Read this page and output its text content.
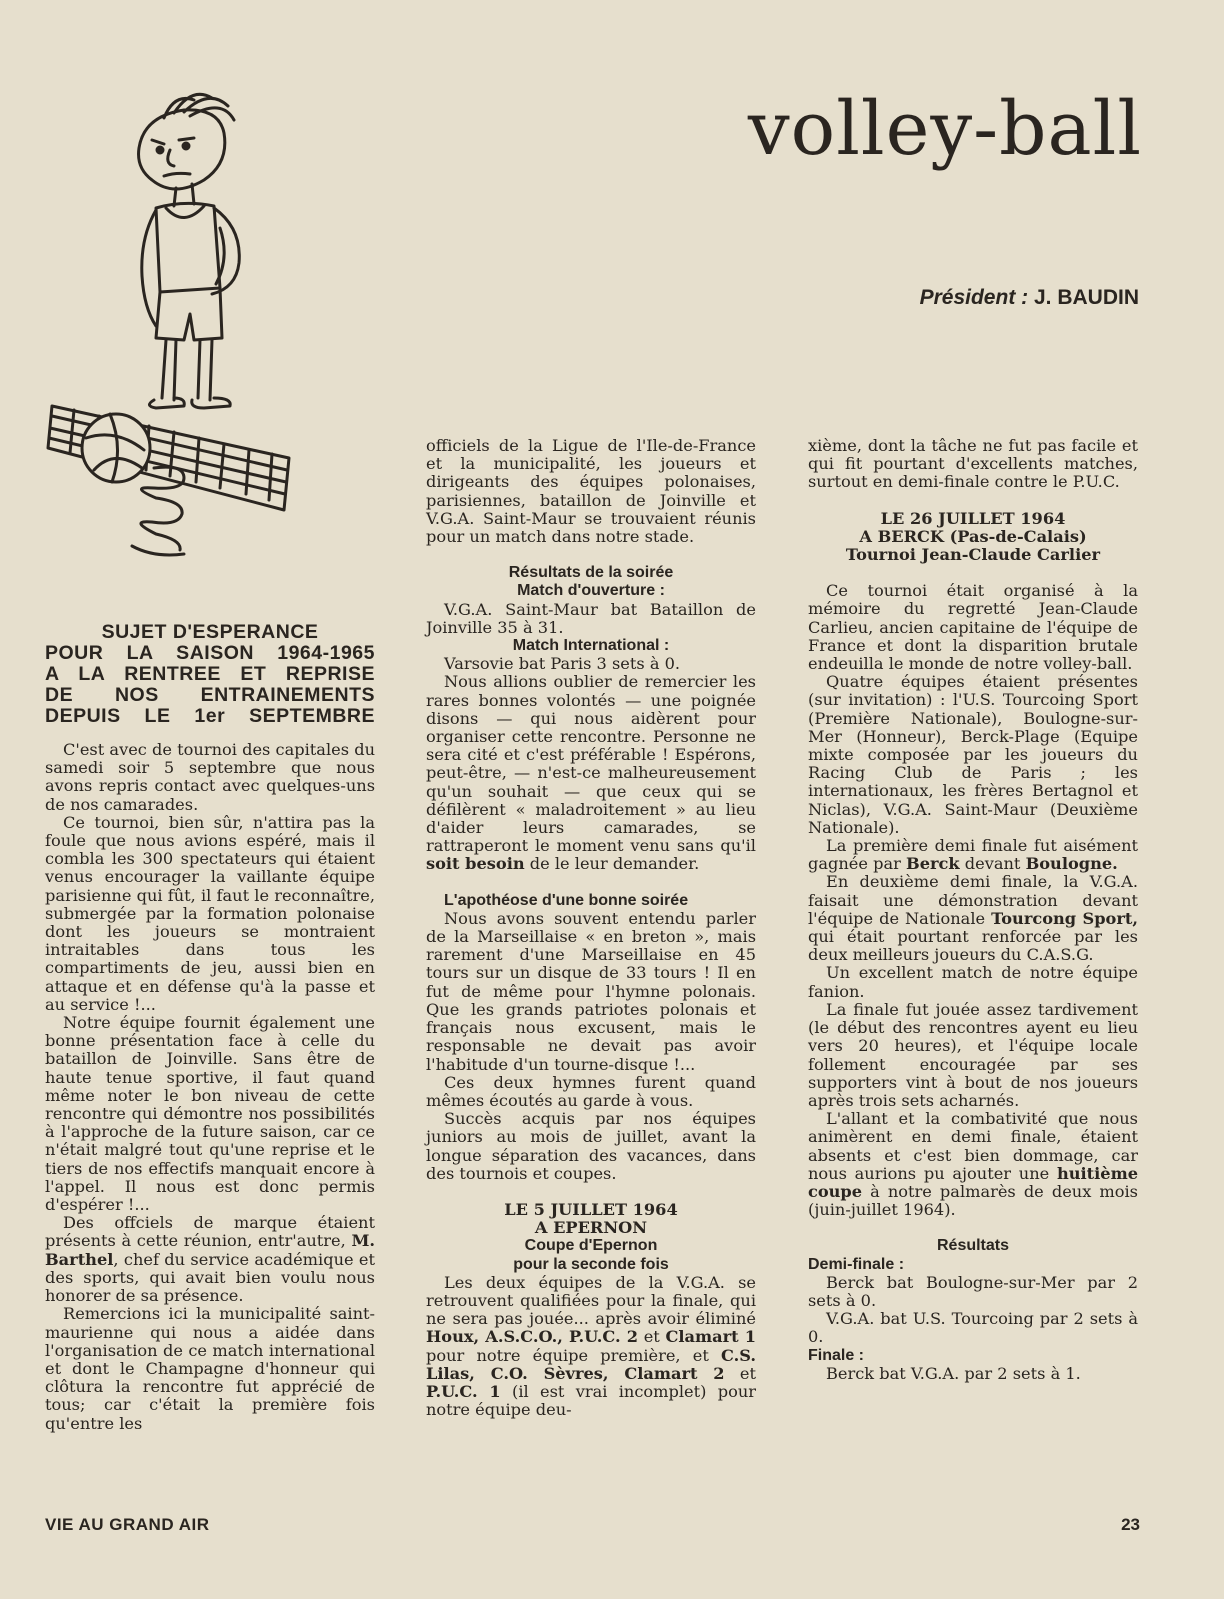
volley-ball
Président : J. BAUDIN
SUJET D'ESPERANCE
POUR LA SAISON 1964-1965
A LA RENTREE ET REPRISE
DE NOS ENTRAINEMENTS
DEPUIS LE 1er SEPTEMBRE

C'est avec de tournoi des capitales du samedi soir 5 septembre que nous avons repris contact avec quelques-uns de nos camarades.

Ce tournoi, bien sûr, n'attira pas la foule que nous avions espéré, mais il combla les 300 spectateurs qui étaient venus encourager la vaillante équipe parisienne qui fût, il faut le reconnaître, submergée par la formation polonaise dont les joueurs se montraient intraitables dans tous les compartiments de jeu, aussi bien en attaque et en défense qu'à la passe et au service !...

Notre équipe fournit également une bonne présentation face à celle du bataillon de Joinville. Sans être de haute tenue sportive, il faut quand même noter le bon niveau de cette rencontre qui démontre nos possibilités à l'approche de la future saison, car ce n'était malgré tout qu'une reprise et le tiers de nos effectifs manquait encore à l'appel. Il nous est donc permis d'espérer !...

Des offciels de marque étaient présents à cette réunion, entr'autre, M. Barthel, chef du service académique et des sports, qui avait bien voulu nous honorer de sa présence.

Remercions ici la municipalité saint-maurienne qui nous a aidée dans l'organisation de ce match international et dont le Champagne d'honneur qui clôtura la rencontre fut apprécié de tous; car c'était la première fois qu'entre les

officiels de la Ligue de l'Ile-de-France et la municipalité, les joueurs et dirigeants des équipes polonaises, parisiennes, bataillon de Joinville et V.G.A. Saint-Maur se trouvaient réunis pour un match dans notre stade.

Résultats de la soirée
Match d'ouverture :

V.G.A. Saint-Maur bat Bataillon de Joinville 35 à 31.

Match International :

Varsovie bat Paris 3 sets à 0.

Nous allions oublier de remercier les rares bonnes volontés — une poignée disons — qui nous aidèrent pour organiser cette rencontre. Personne ne sera cité et c'est préférable ! Espérons, peut-être, — n'est-ce malheureusement qu'un souhait — que ceux qui se défilèrent « maladroitement » au lieu d'aider leurs camarades, se rattraperont le moment venu sans qu'il soit besoin de le leur demander.

L'apothéose d'une bonne soirée

Nous avons souvent entendu parler de la Marseillaise « en breton », mais rarement d'une Marseillaise en 45 tours sur un disque de 33 tours ! Il en fut de même pour l'hymne polonais. Que les grands patriotes polonais et français nous excusent, mais le responsable ne devait pas avoir l'habitude d'un tourne-disque !...

Ces deux hymnes furent quand mêmes écoutés au garde à vous.

Succès acquis par nos équipes juniors au mois de juillet, avant la longue séparation des vacances, dans des tournois et coupes.

LE 5 JUILLET 1964
A EPERNON
Coupe d'Epernon
pour la seconde fois

Les deux équipes de la V.G.A. se retrouvent qualifiées pour la finale, qui ne sera pas jouée... après avoir éliminé Houx, A.S.C.O., P.U.C. 2 et Clamart 1 pour notre équipe première, et C.S. Lilas, C.O. Sèvres, Clamart 2 et P.U.C. 1 (il est vrai incomplet) pour notre équipe deu-

xième, dont la tâche ne fut pas facile et qui fit pourtant d'excellents matches, surtout en demi-finale contre le P.U.C.

LE 26 JUILLET 1964
A BERCK (Pas-de-Calais)
Tournoi Jean-Claude Carlier

Ce tournoi était organisé à la mémoire du regretté Jean-Claude Carlieu, ancien capitaine de l'équipe de France et dont la disparition brutale endeuilla le monde de notre volley-ball.

Quatre équipes étaient présentes (sur invitation) : l'U.S. Tourcoing Sport (Première Nationale), Boulogne-sur-Mer (Honneur), Berck-Plage (Equipe mixte composée par les joueurs du Racing Club de Paris ; les internationaux, les frères Bertagnol et Niclas), V.G.A. Saint-Maur (Deuxième Nationale).

La première demi finale fut aisément gagnée par Berck devant Boulogne.

En deuxième demi finale, la V.G.A. faisait une démonstration devant l'équipe de Nationale Tourcong Sport, qui était pourtant renforcée par les deux meilleurs joueurs du C.A.S.G.

Un excellent match de notre équipe fanion.

La finale fut jouée assez tardivement (le début des rencontres ayent eu lieu vers 20 heures), et l'équipe locale follement encouragée par ses supporters vint à bout de nos joueurs après trois sets acharnés.

L'allant et la combativité que nous animèrent en demi finale, étaient absents et c'est bien dommage, car nous aurions pu ajouter une huitième coupe à notre palmarès de deux mois (juin-juillet 1964).

Résultats
Demi-finale :

Berck bat Boulogne-sur-Mer par 2 sets à 0.

V.G.A. bat U.S. Tourcoing par 2 sets à 0.

Finale :

Berck bat V.G.A. par 2 sets à 1.

VIE AU GRAND AIR	23
